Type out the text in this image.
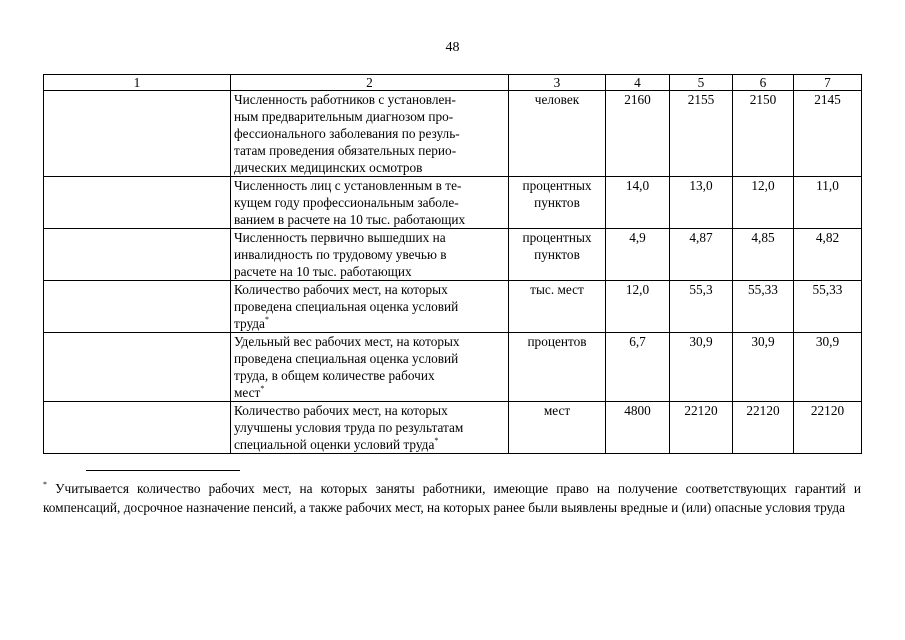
48
1	2	3	4	5	6	7
	Численность работников с установлен-
ным предварительным диагнозом про-
фессионального заболевания по резуль-
татам проведения обязательных перио-
дических медицинских осмотров	человек	2160	2155	2150	2145
	Численность лиц с установленным в те-
кущем году профессиональным заболе-
ванием в расчете на 10 тыс. работающих	процентных
пунктов	14,0	13,0	12,0	11,0
	Численность первично вышедших на
инвалидность по трудовому увечью в
расчете на 10 тыс. работающих	процентных
пунктов	4,9	4,87	4,85	4,82
	Количество рабочих мест, на которых
проведена специальная оценка условий
труда*	тыс. мест	12,0	55,3	55,33	55,33
	Удельный вес рабочих мест, на которых
проведена специальная оценка условий
труда, в общем количестве рабочих
мест*	процентов	6,7	30,9	30,9	30,9
	Количество рабочих мест, на которых
улучшены условия труда по результатам
специальной оценки условий труда*	мест	4800	22120	22120	22120
* Учитывается количество рабочих мест, на которых заняты работники, имеющие право на получение соответствующих гарантий и компенсаций, досрочное назначение пенсий, а также рабочих мест, на которых ранее были выявлены вредные и (или) опасные условия труда
